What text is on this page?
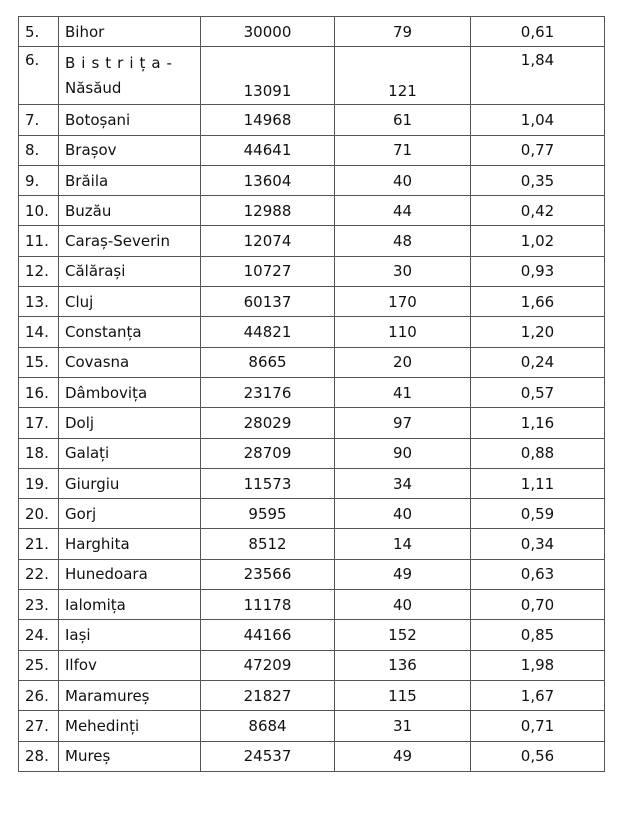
5.	Bihor	30000	79	0,61
6.	Bistrița-
Năsăud	13091	121	1,84
7.	Botoșani	14968	61	1,04
8.	Brașov	44641	71	0,77
9.	Brăila	13604	40	0,35
10.	Buzău	12988	44	0,42
11.	Caraș-Severin	12074	48	1,02
12.	Călărași	10727	30	0,93
13.	Cluj	60137	170	1,66
14.	Constanța	44821	110	1,20
15.	Covasna	8665	20	0,24
16.	Dâmbovița	23176	41	0,57
17.	Dolj	28029	97	1,16
18.	Galați	28709	90	0,88
19.	Giurgiu	11573	34	1,11
20.	Gorj	9595	40	0,59
21.	Harghita	8512	14	0,34
22.	Hunedoara	23566	49	0,63
23.	Ialomița	11178	40	0,70
24.	Iași	44166	152	0,85
25.	Ilfov	47209	136	1,98
26.	Maramureș	21827	115	1,67
27.	Mehedinți	8684	31	0,71
28.	Mureș	24537	49	0,56
